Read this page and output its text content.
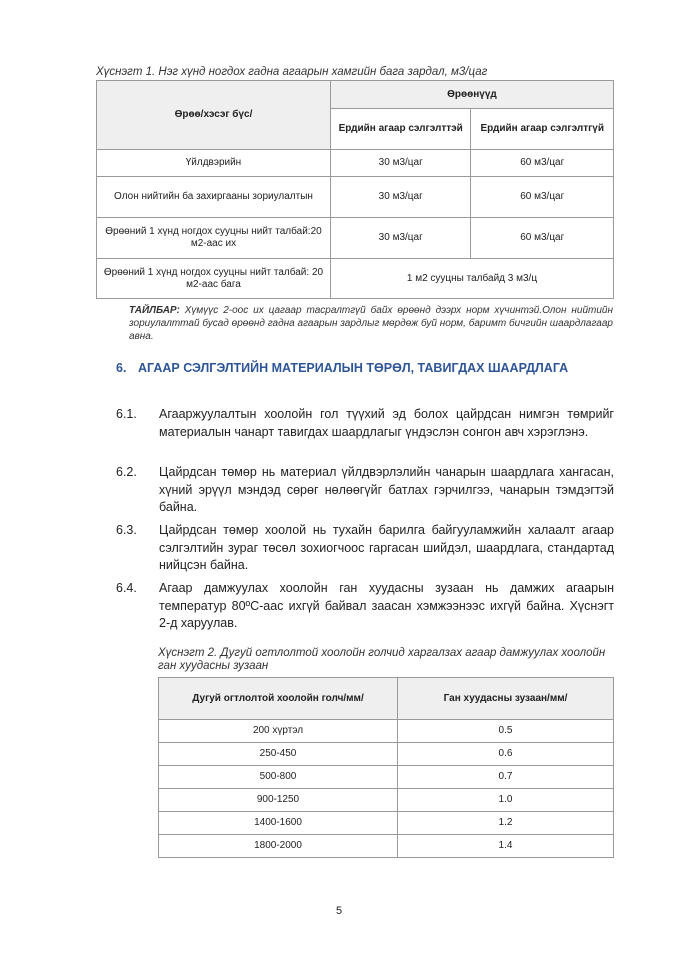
Хүснэгт 1. Нэг хүнд ногдох гадна агаарын хамгийн бага зардал, м3/цаг
Өрөө/хэсэг бүс/	Өрөөнүүд	
	Ердийн агаар сэлгэлттэй	Ердийн агаар сэлгэлтгүй
Үйлдвэрийн	30 м3/цаг	60 м3/цаг
Олон нийтийн ба захиргааны зориулалтын	30 м3/цаг	60 м3/цаг
Өрөөний 1 хүнд ногдох сууцны нийт талбай:20 м2-аас их	30 м3/цаг	60 м3/цаг
Өрөөний 1 хүнд ногдох сууцны нийт талбай: 20 м2-аас бага	1 м2 сууцны талбайд 3 м3/ц	
ТАЙЛБАР: Хүмүүс 2-оос их цагаар тасралтгүй байх өрөөнд дээрх норм хүчинтэй.Олон нийтийн зориулалттай бусад өрөөнд гадна агаарын зардлыг мөрдөж буй норм, баримт бичгийн шаардлагаар авна.
6. АГААР СЭЛГЭЛТИЙН МАТЕРИАЛЫН ТӨРӨЛ, ТАВИГДАХ ШААРДЛАГА
6.1. Агааржуулалтын хоолойн гол түүхий эд болох цайрдсан нимгэн төмрийг материалын чанарт тавигдах шаардлагыг үндэслэн сонгон авч хэрэглэнэ.
6.2. Цайрдсан төмөр нь материал үйлдвэрлэлийн чанарын шаардлага хангасан, хүний эрүүл мэндэд сөрөг нөлөөгүйг батлах гэрчилгээ, чанарын тэмдэгтэй байна.
6.3. Цайрдсан төмөр хоолой нь тухайн барилга байгууламжийн халаалт агаар сэлгэлтийн зураг төсөл зохиогчоос гаргасан шийдэл, шаардлага, стандартад нийцсэн байна.
6.4. Агаар дамжуулах хоолойн ган хуудасны зузаан нь дамжих агаарын температур 80ºC-аас ихгүй байвал заасан хэмжээнээс ихгүй байна. Хүснэгт 2-д харуулав.
Хүснэгт 2. Дугуй огтлолтой хоолойн голчид харгалзах агаар дамжуулах хоолойн ган хуудасны зузаан
Дугуй огтлолтой хоолойн голч/мм/	Ган хуудасны зузаан/мм/
200 хүртэл	0.5
250-450	0.6
500-800	0.7
900-1250	1.0
1400-1600	1.2
1800-2000	1.4
5
